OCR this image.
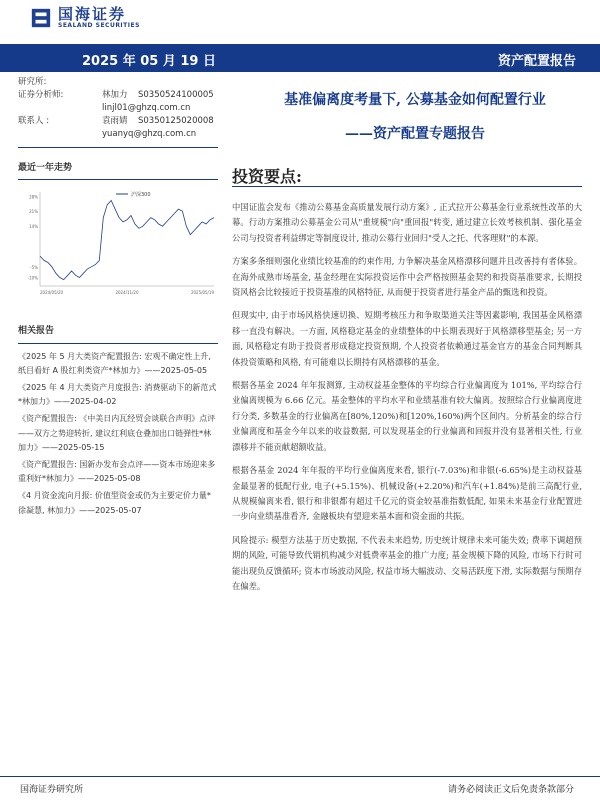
国海证券
SEALAND SECURITIES
2025 年 05 月 19 日	资产配置报告
研究所:
证券分析师:	林加力	S0350524100005
linjl01@ghzq.com.cn
联系人 :	袁雨婧	S0350125020008
yuanyq@ghzq.com.cn
最近一年走势
-5%
-10%
14%
21%
28%
2024/05/20	2024/11/20	2025/05/19
沪深300
相关报告

《2025 年 5 月大类资产配置报告: 宏观不确定性上升, 纸目看好 A 股红利类资产*林加力》——2025-05-05

《2025 年 4 月大类资产月度报告: 消费驱动下的新范式*林加力》——2025-04-02

《资产配置报告: 《中美日内瓦经贸会谈联合声明》点评——双方之势迎转折, 建议红利底仓叠加出口链弹性*林加力》——2025-05-15

《资产配置报告: 国新办发布会点评——资本市场迎来多重利好*林加力》——2025-05-08

《4 月资金流向月报: 价值型资金或仍为主要定价力量*徐凝慧, 林加力》——2025-05-07

基准偏离度考量下, 公募基金如何配置行业
——资产配置专题报告
投资要点:

中国证监会发布《推动公募基金高质量发展行动方案》, 正式拉开公募基金行业系统性改革的大幕。行动方案推动公募基金公司从"重规模"向"重回报"转变, 通过建立长效考核机制、强化基金公司与投资者利益绑定等制度设计, 推动公募行业回归"受人之托、代客理财"的本源。

方案多条细则强化业绩比较基准的约束作用, 力争解决基金风格漂移问题并且改善持有者体验。在海外成熟市场基金, 基金经理在实际投资运作中会严格按照基金契约和投资基准要求, 长期投资风格会比较接近于投资基准的风格特征, 从而便于投资者进行基金产品的甄选和投资。

但现实中, 由于市场风格快速切换、短期考核压力和争取渠道关注等因素影响, 我国基金风格漂移一直没有解决。一方面, 风格稳定基金的业绩整体的中长期表现好于风格漂移型基金; 另一方面, 风格稳定有助于投资者形成稳定投资预期, 个人投资者依赖通过基金官方的基金合同判断具体投资策略和风格, 有可能难以长期持有风格漂移的基金。

根据各基金 2024 年年报测算, 主动权益基金整体的平均综合行业偏离度为 101%, 平均综合行业偏离规模为 6.66 亿元。基金整体的平均水平和业绩基准有较大偏离。按照综合行业偏离度进行分类, 多数基金的行业偏离在[80%,120%)和[120%,160%)两个区间内。分析基金的综合行业偏离度和基金今年以来的收益数据, 可以发现基金的行业偏离和回报并没有显著相关性, 行业漂移并不能贡献超额收益。

根据各基金 2024 年年报的平均行业偏离度来看, 银行(-7.03%)和非银(-6.65%)是主动权益基金最显著的低配行业, 电子(+5.15%)、机械设备(+2.20%)和汽车(+1.84%)是前三高配行业, 从规模偏离来看, 银行和非银都有超过千亿元的资金较基准指数低配, 如果未来基金行业配置进一步向业绩基准看齐, 金融板块有望迎来基本面和资金面的共振。

风险提示: 模型方法基于历史数据, 不代表未来趋势, 历史统计规律未来可能失效; 费率下调超预期的风险, 可能导致代销机构减少对低费率基金的推广力度; 基金规模下降的风险, 市场下行时可能出现负反馈循环; 资本市场波动风险, 权益市场大幅波动、交易活跃度下滑, 实际数据与预期存在偏差。

国海证券研究所	请务必阅读正文后免责条款部分
